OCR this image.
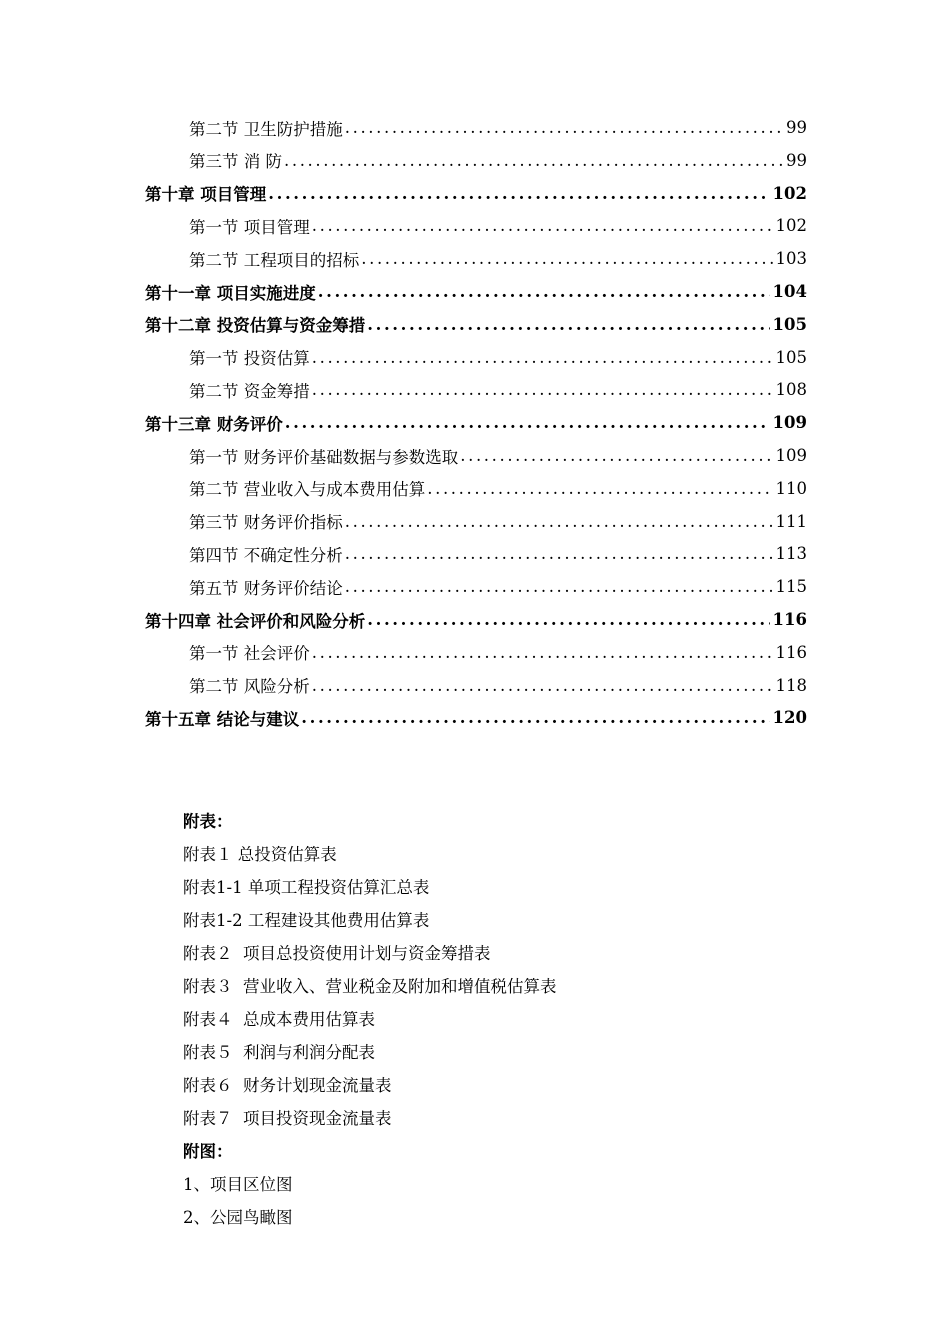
第二节 卫生防护措施 .....	99
第三节 消 防 .....	99
第十章 项目管理 .....	102
第一节 项目管理 .....	102
第二节 工程项目的招标 .....	103
第十一章 项目实施进度 .....	104
第十二章 投资估算与资金筹措 .....	105
第一节 投资估算 .....	105
第二节 资金筹措 .....	108
第十三章 财务评价 .....	109
第一节 财务评价基础数据与参数选取 .....	109
第二节 营业收入与成本费用估算 .....	110
第三节 财务评价指标 .....	111
第四节 不确定性分析 .....	113
第五节 财务评价结论 .....	115
第十四章 社会评价和风险分析 .....	116
第一节 社会评价 .....	116
第二节 风险分析 .....	118
第十五章 结论与建议 .....	120
附表：
附表１ 总投资估算表
附表1-1 单项工程投资估算汇总表
附表1-2 工程建设其他费用估算表
附表２  项目总投资使用计划与资金筹措表
附表３  营业收入、营业税金及附加和增值税估算表
附表４  总成本费用估算表
附表５  利润与利润分配表
附表６  财务计划现金流量表
附表７  项目投资现金流量表
附图：
1、项目区位图
2、公园鸟瞰图
